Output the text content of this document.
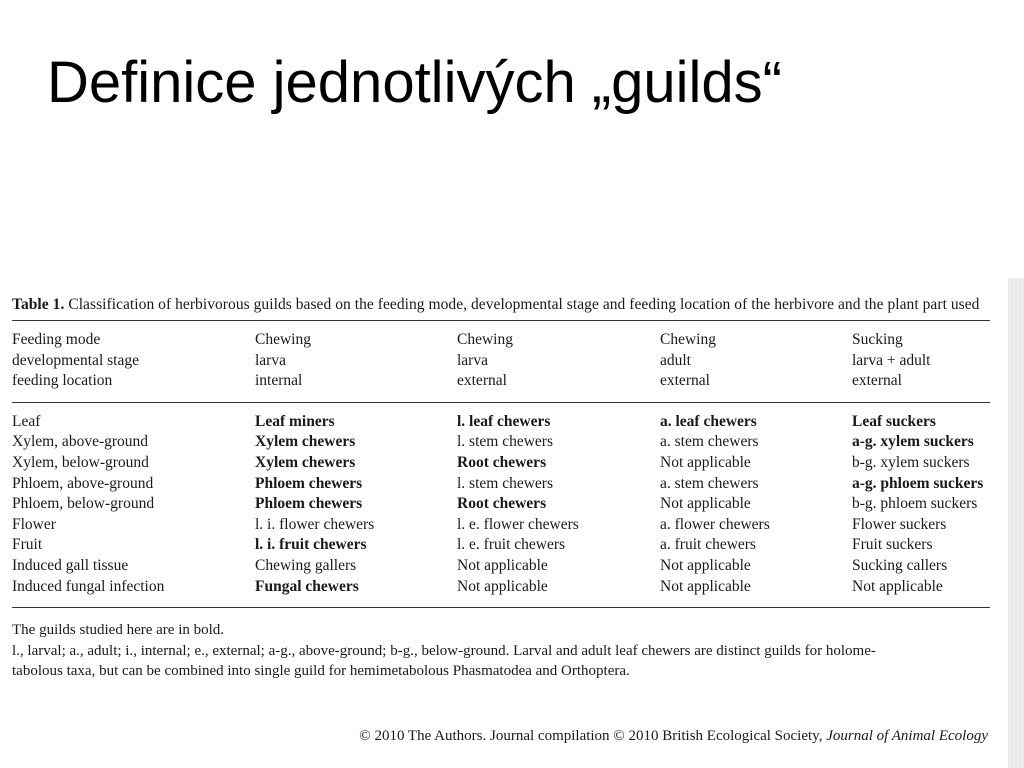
Definice jednotlivých „guilds“

Table 1. Classification of herbivorous guilds based on the feeding mode, developmental stage and feeding location of the herbivore and the plant part used

Feeding mode	Chewing	Chewing	Chewing	Sucking
developmental stage	larva	larva	adult	larva + adult
feeding location	internal	external	external	external
Leaf	Leaf miners	l. leaf chewers	a. leaf chewers	Leaf suckers
Xylem, above-ground	Xylem chewers	l. stem chewers	a. stem chewers	a-g. xylem suckers
Xylem, below-ground	Xylem chewers	Root chewers	Not applicable	b-g. xylem suckers
Phloem, above-ground	Phloem chewers	l. stem chewers	a. stem chewers	a-g. phloem suckers
Phloem, below-ground	Phloem chewers	Root chewers	Not applicable	b-g. phloem suckers
Flower	l. i. flower chewers	l. e. flower chewers	a. flower chewers	Flower suckers
Fruit	l. i. fruit chewers	l. e. fruit chewers	a. fruit chewers	Fruit suckers
Induced gall tissue	Chewing gallers	Not applicable	Not applicable	Sucking callers
Induced fungal infection	Fungal chewers	Not applicable	Not applicable	Not applicable

The guilds studied here are in bold.

l., larval; a., adult; i., internal; e., external; a-g., above-ground; b-g., below-ground. Larval and adult leaf chewers are distinct guilds for holome-

tabolous taxa, but can be combined into single guild for hemimetabolous Phasmatodea and Orthoptera.

© 2010 The Authors. Journal compilation © 2010 British Ecological Society, Journal of Animal Ecology
